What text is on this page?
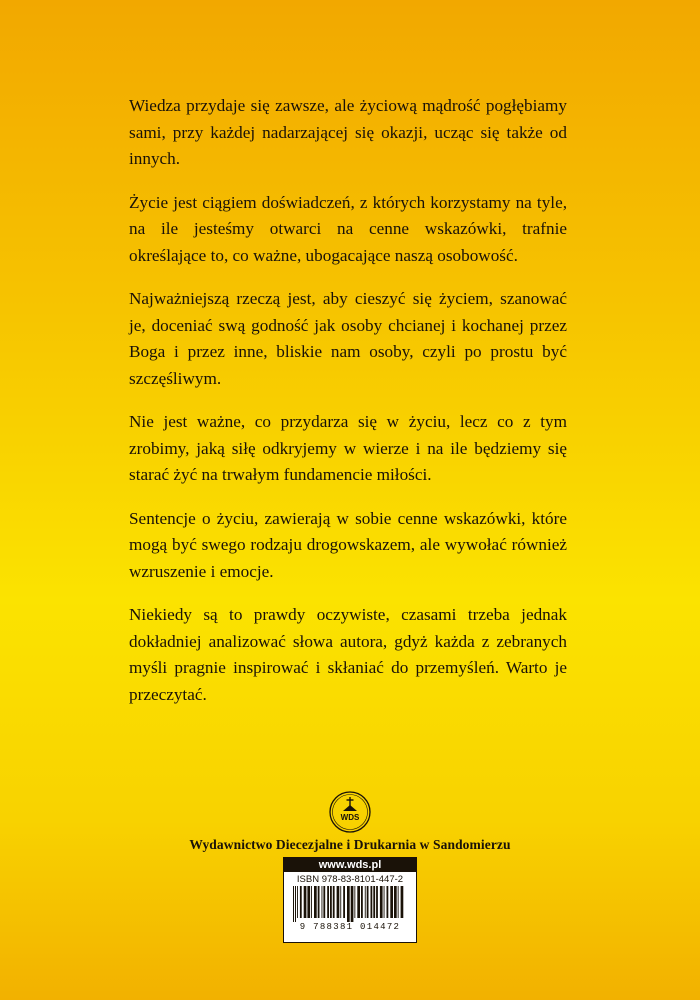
Wiedza przydaje się zawsze, ale życiową mądrość pogłębiamy sami, przy każdej nadarzającej się okazji, ucząc się także od innych.

Życie jest ciągiem doświadczeń, z których korzystamy na tyle, na ile jesteśmy otwarci na cenne wskazówki, trafnie określające to, co ważne, ubogacające naszą osobowość.

Najważniejszą rzeczą jest, aby cieszyć się życiem, szanować je, doceniać swą godność jak osoby chcianej i kochanej przez Boga i przez inne, bliskie nam osoby, czyli po prostu być szczęśliwym.

Nie jest ważne, co przydarza się w życiu, lecz co z tym zrobimy, jaką siłę odkryjemy w wierze i na ile będziemy się starać żyć na trwałym fundamencie miłości.

Sentencje o życiu, zawierają w sobie cenne wskazówki, które mogą być swego rodzaju drogowskazem, ale wywołać również wzruszenie i emocje.

Niekiedy są to prawdy oczywiste, czasami trzeba jednak dokładniej analizować słowa autora, gdyż każda z zebranych myśli pragnie inspirować i skłaniać do przemyśleń. Warto je przeczytać.

WDS
Wydawnictwo Diecezjalne i Drukarnia w Sandomierzu
www.wds.pl
ISBN 978-83-8101-447-2
9 788381 014472
